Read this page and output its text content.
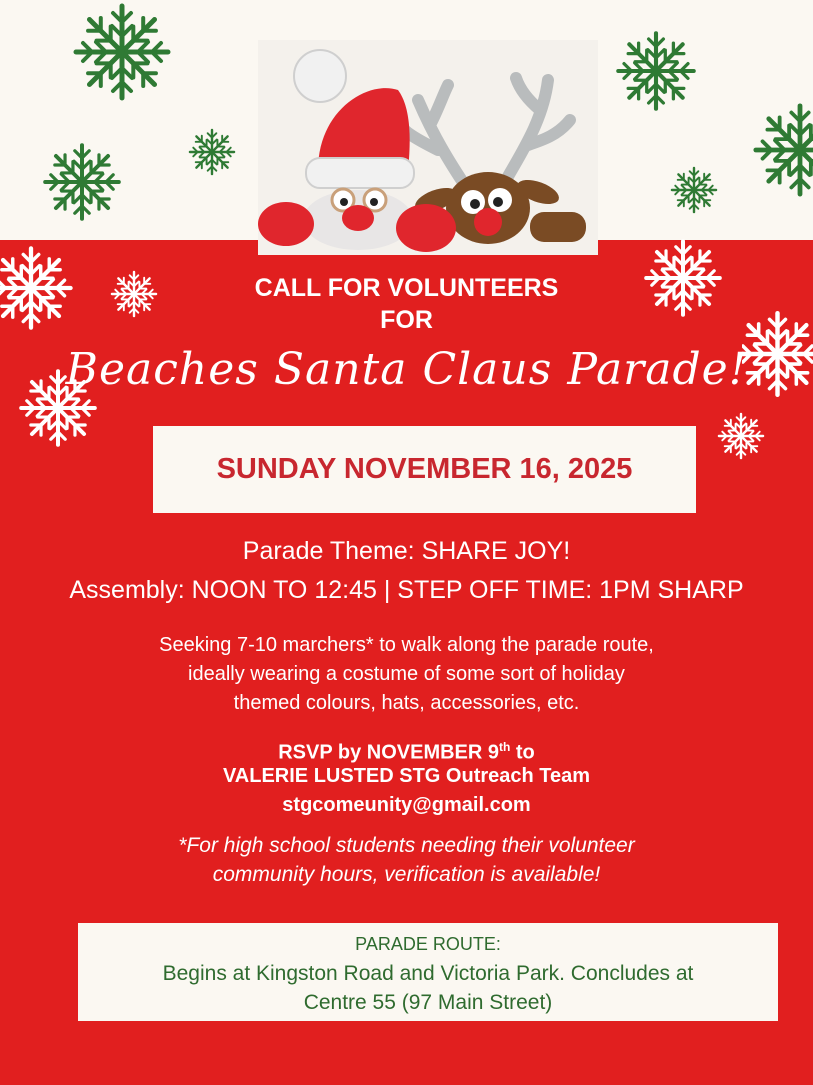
CALL FOR VOLUNTEERS
FOR
Beaches Santa Claus Parade!
SUNDAY NOVEMBER 16, 2025
Parade Theme: SHARE JOY!
Assembly: NOON TO 12:45 | STEP OFF TIME: 1PM SHARP
Seeking 7-10 marchers* to walk along the parade route,
ideally wearing a costume of some sort of holiday
themed colours, hats, accessories, etc.
RSVP by NOVEMBER 9th to
VALERIE LUSTED STG Outreach Team
stgcomeunity@gmail.com
*For high school students needing their volunteer
community hours, verification is available!
PARADE ROUTE:
Begins at Kingston Road and Victoria Park. Concludes at
Centre 55 (97 Main Street)
